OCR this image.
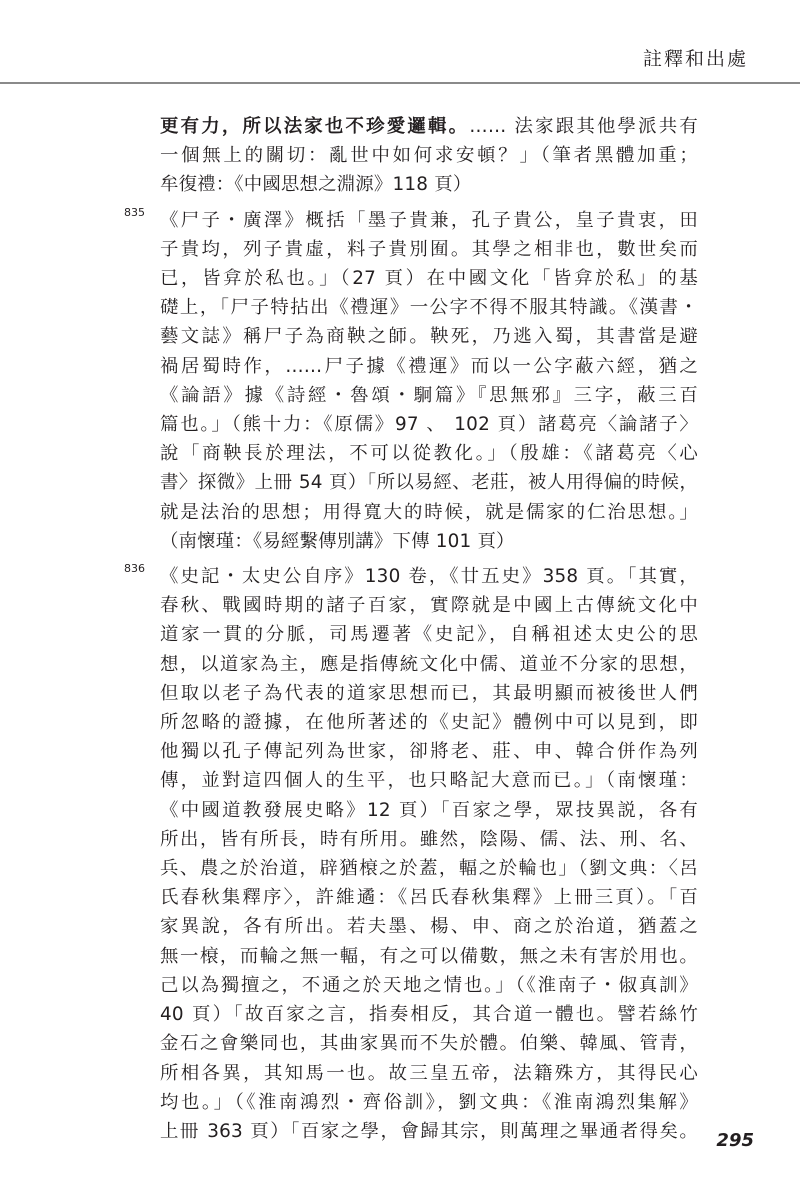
註釋和出處
更有力，所以法家也不珍愛邏輯。…… 法家跟其他學派共有
一個無上的關切：亂世中如何求安頓？」（筆者黑體加重；
牟復禮：《中國思想之淵源》118 頁）
835 《尸子・廣澤》概括「墨子貴兼，孔子貴公，皇子貴衷，田
子貴均，列子貴虛，料子貴別囿。其學之相非也，數世矣而
已，皆弇於私也。」（27 頁）在中國文化「皆弇於私」的基
礎上，「尸子特拈出《禮運》一公字不得不服其特識。《漢書・
藝文誌》稱尸子為商鞅之師。鞅死，乃逃入蜀，其書當是避
禍居蜀時作，……尸子據《禮運》而以一公字蔽六經，猶之
《論語》據《詩經・魯頌・駉篇》『思無邪』三字，蔽三百
篇也。」（熊十力：《原儒》97 、 102 頁）諸葛亮〈論諸子〉
說「商鞅長於理法，不可以從教化。」（殷雄：《諸葛亮〈心
書〉探微》上冊 54 頁）「所以易經、老莊，被人用得偏的時候，
就是法治的思想；用得寬大的時候，就是儒家的仁治思想。」
（南懷瑾：《易經繫傳別講》下傳 101 頁）
836 《史記・太史公自序》130 卷，《廿五史》358 頁。「其實，
春秋、戰國時期的諸子百家，實際就是中國上古傳統文化中
道家一貫的分脈，司馬遷著《史記》，自稱祖述太史公的思
想，以道家為主，應是指傳統文化中儒、道並不分家的思想，
但取以老子為代表的道家思想而已，其最明顯而被後世人們
所忽略的證據，在他所著述的《史記》體例中可以見到，即
他獨以孔子傳記列為世家，卻將老、莊、申、韓合併作為列
傳，並對這四個人的生平，也只略記大意而已。」（南懷瑾：
《中國道教發展史略》12 頁）「百家之學，眾技異説，各有
所出，皆有所長，時有所用。雖然，陰陽、儒、法、刑、名、
兵、農之於治道，辟猶榱之於蓋，輻之於輪也」（劉文典：〈呂
氏春秋集釋序〉，許維遹：《呂氏春秋集釋》上冊三頁）。「百
家異說，各有所出。若夫墨、楊、申、商之於治道，猶蓋之
無一榱，而輪之無一輻，有之可以備數，無之未有害於用也。
己以為獨擅之，不通之於天地之情也。」（《淮南子・俶真訓》
40 頁）「故百家之言，指奏相反，其合道一體也。譬若絲竹
金石之會樂同也，其曲家異而不失於體。伯樂、韓風、管青，
所相各異，其知馬一也。故三皇五帝，法籍殊方，其得民心
均也。」（《淮南鴻烈・齊俗訓》，劉文典：《淮南鴻烈集解》
上冊 363 頁）「百家之學，會歸其宗，則萬理之畢通者得矣。 295
